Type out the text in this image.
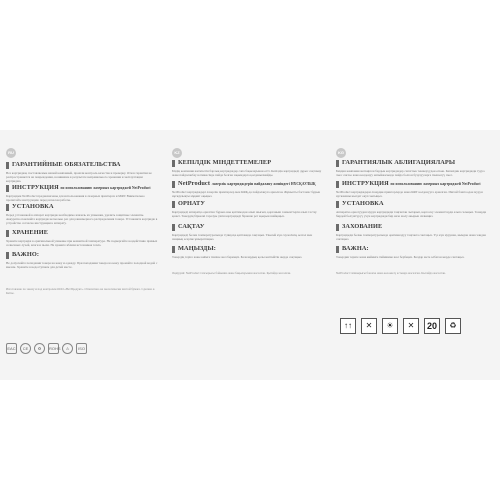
RU
ГАРАНТИЙНЫЕ ОБЯЗАТЕЛЬСТВА
Все картриджи, поставляемые нашей компанией, прошли контроль качества и проверку. Отказ гарантии не распространяется на повреждения, возникшие в результате неправильного хранения и эксплуатации картриджа.
ИНСТРУКЦИЯ по использованию лазерных картриджей NetProduct
Картриджи NetProduct предназначены для использования в лазерных принтерах и МФУ. Внимательно прочитайте инструкцию перед началом работы.
УСТАНОВКА
Перед установкой в аппарат картридж необходимо извлечь из упаковки, удалить защитные элементы. Аккуратно покачайте картридж несколько раз для равномерного распределения тонера. Установите картридж в устройство согласно инструкции к аппарату.
ХРАНЕНИЕ
Храните картридж в оригинальной упаковке при комнатной температуре. Не подвергайте воздействию прямых солнечных лучей, влаги и пыли. Не храните вблизи источников тепла.
ВАЖНО:
Не допускайте попадания тонера на кожу и одежду. При попадании тонера на кожу промойте холодной водой с мылом. Храните в недоступном для детей месте.
Изготовлено по заказу и под контролем ООО «НетПродукт». Отпечатано на экологически чистой бумаге. Сделано в Китае.
EAC	CE	♻	ROHS	⚠	ISO
KZ
КЕПІЛДІК МІНДЕТТЕМЕЛЕР
Біздің компания жеткізетін барлық картридждер сапа бақылауынан өтті. Кепілдік картриджді дұрыс сақтамау және пайдаланбау нәтижесінде пайда болған зақымдарға қолданылмайды.
NetProduct лазерлік картридждерін пайдалану жөніндегі НҰСҚАУЛЫҚ
NetProduct картридждері лазерлік принтерлер мен КФҚ-да пайдалануға арналған. Жұмысты бастамас бұрын нұсқаулықты мұқият оқыңыз.
ОРНАТУ
Картриджді аппаратқа орнатпас бұрын оны қаптамадан алып шығып, қорғаныш элементтерін алып тастау қажет. Тонердің біркелкі таралуы үшін картриджді бірнеше рет ақырын шайқаңыз.
САҚТАУ
Картриджді бөлме температурасында түпнұсқа қаптамада сақтаңыз. Тікелей күн сәулесінің, ылғал мен шаңның әсеріне ұшыратпаңыз.
МАҢЫЗДЫ:
Тонердің теріге және киімге тиюіне жол бермеңіз. Балалардың қолы жетпейтін жерде сақтаңыз.
Өндіруші: NetProduct тапсырысы бойынша және бақылауымен жасалған. Қытайда жасалған.
KG
ГАРАНТИЯЛЫК АБЛИГАЦИЯЛАРЫ
Биздин компания жеткирген бардык картридждер сапаттык текшерүүдөн өткөн. Кепилдик картриджди туура эмес сактоо жана колдонуу натыйжасында пайда болгон бузулууларга тиешелүү эмес.
ИНСТРУКЦИЯ по использованию лазерных картриджей NetProduct
NetProduct картридждери лазердик принтерлерде жана КФТ колдонууга арналган. Иштей баштоодон мурун нускаманы кылдат окуп чыгыңыз.
УСТАНОВКА
Аппаратка орнотуудан мурун картриджди таңгактан чыгарып, коргоочу элементтерди алып салыңыз. Тонерди бирдей бөлүштүрүү үчүн картриджди бир нече жолу акырын силкиңиз.
ЗАХОВАНИЕ
Картриджди бөлмө температурасында оригиналдуу таңгакта сактаңыз. Түз күн нурунан, нымдан жана чаңдан сактаңыз.
ВАЖНА:
Тонердин териге жана кийимге тийишине жол бербеңиз. Балдар жете албаган жерде сактаңыз.
NetProduct тапшырыгы боюнча жана көзөмөлү астында жасалган. Кытайда жасалган.
↑↑	✕	☀	✕	20	♻
